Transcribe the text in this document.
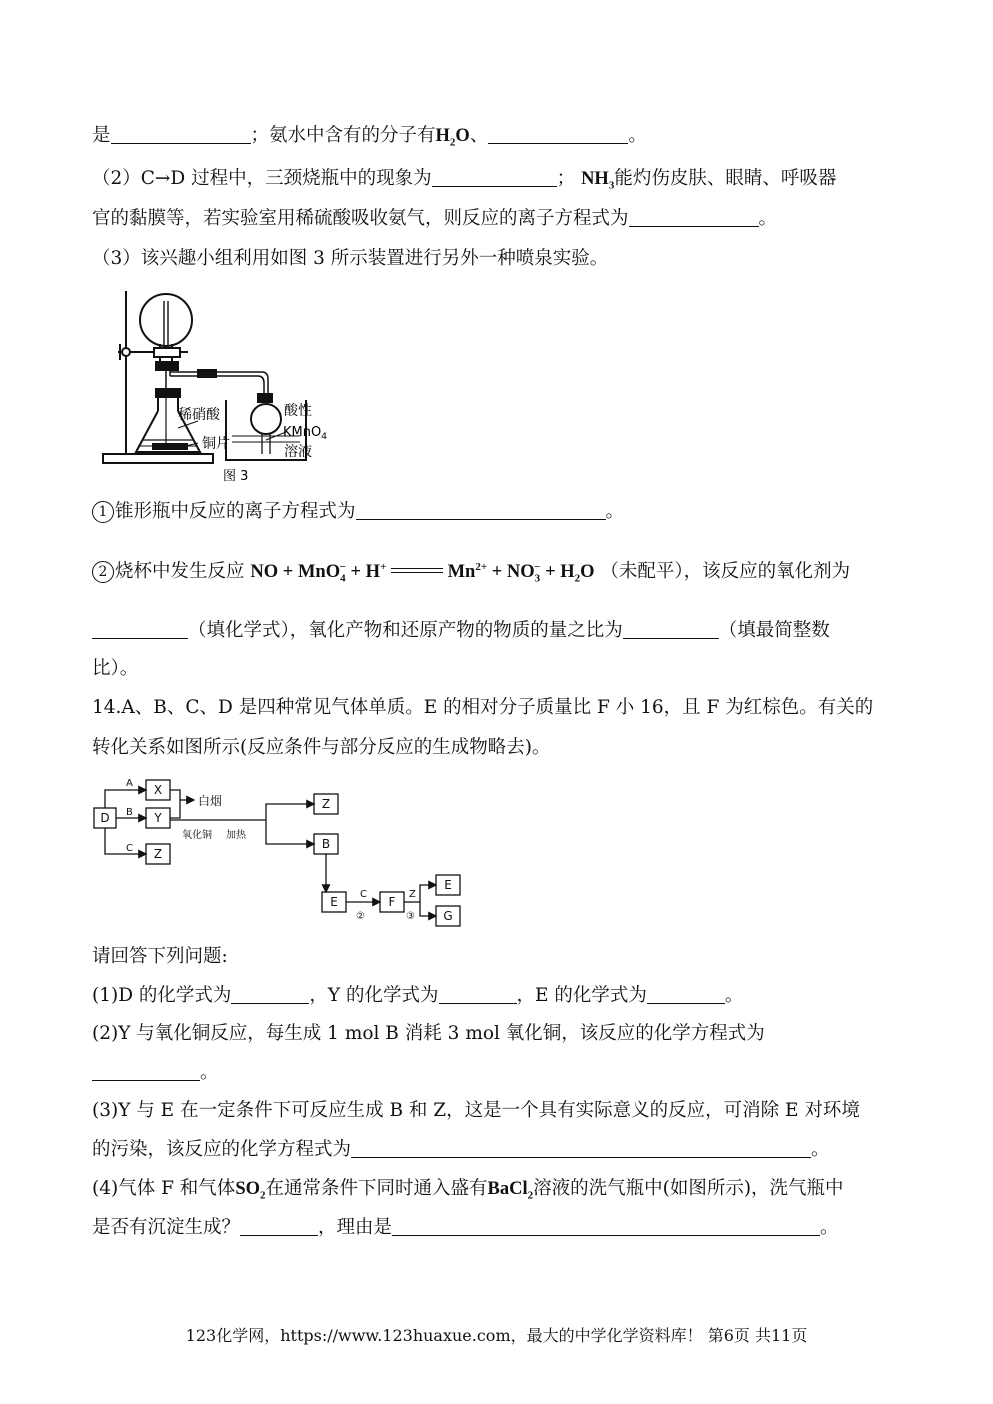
是	；氨水中含有的分子有$H_2O$、	。
（2）C→D 过程中，三颈烧瓶中的现象为	； $NH_3$能灼伤皮肤、眼睛、呼吸器
官的黏膜等，若实验室用稀硫酸吸收氨气，则反应的离子方程式为	。
（3）该兴趣小组利用如图 3 所示装置进行另外一种喷泉实验。
稀硝酸
铜片
酸性
KMnO$_4$
溶液
图 3
1 锥形瓶中反应的离子方程式为	。
2 烧杯中发生反应 NO + MnO$_4$− + H+	$Mn^{2+} + NO_3^- + H_2O$ （未配平），该反应的氧化剂为
（填化学式），氧化产物和还原产物的物质的量之比为	（填最简整数
比）。
14.A、B、C、D 是四种常见气体单质。E 的相对分子质量比 F 小 16，且 F 为红棕色。有关的
转化关系如图所示(反应条件与部分反应的生成物略去)。
D
X
Y
Z
Z
B
E	F
E
G
A
B
C
白烟
氧化铜 加热
C
②
Z
③
请回答下列问题:
(1)D 的化学式为	，Y 的化学式为	，E 的化学式为	。
(2)Y 与氧化铜反应，每生成 1 mol B 消耗 3 mol 氧化铜，该反应的化学方程式为
。
(3)Y 与 E 在一定条件下可反应生成 B 和 Z，这是一个具有实际意义的反应，可消除 E 对环境
的污染，该反应的化学方程式为	。
(4)气体 F 和气体$SO_2$在通常条件下同时通入盛有BaCl$_2$溶液的洗气瓶中(如图所示)，洗气瓶中
是否有沉淀生成？	，理由是	。
123化学网，https://www.123huaxue.com，最大的中学化学资料库！ 第6页 共11页
